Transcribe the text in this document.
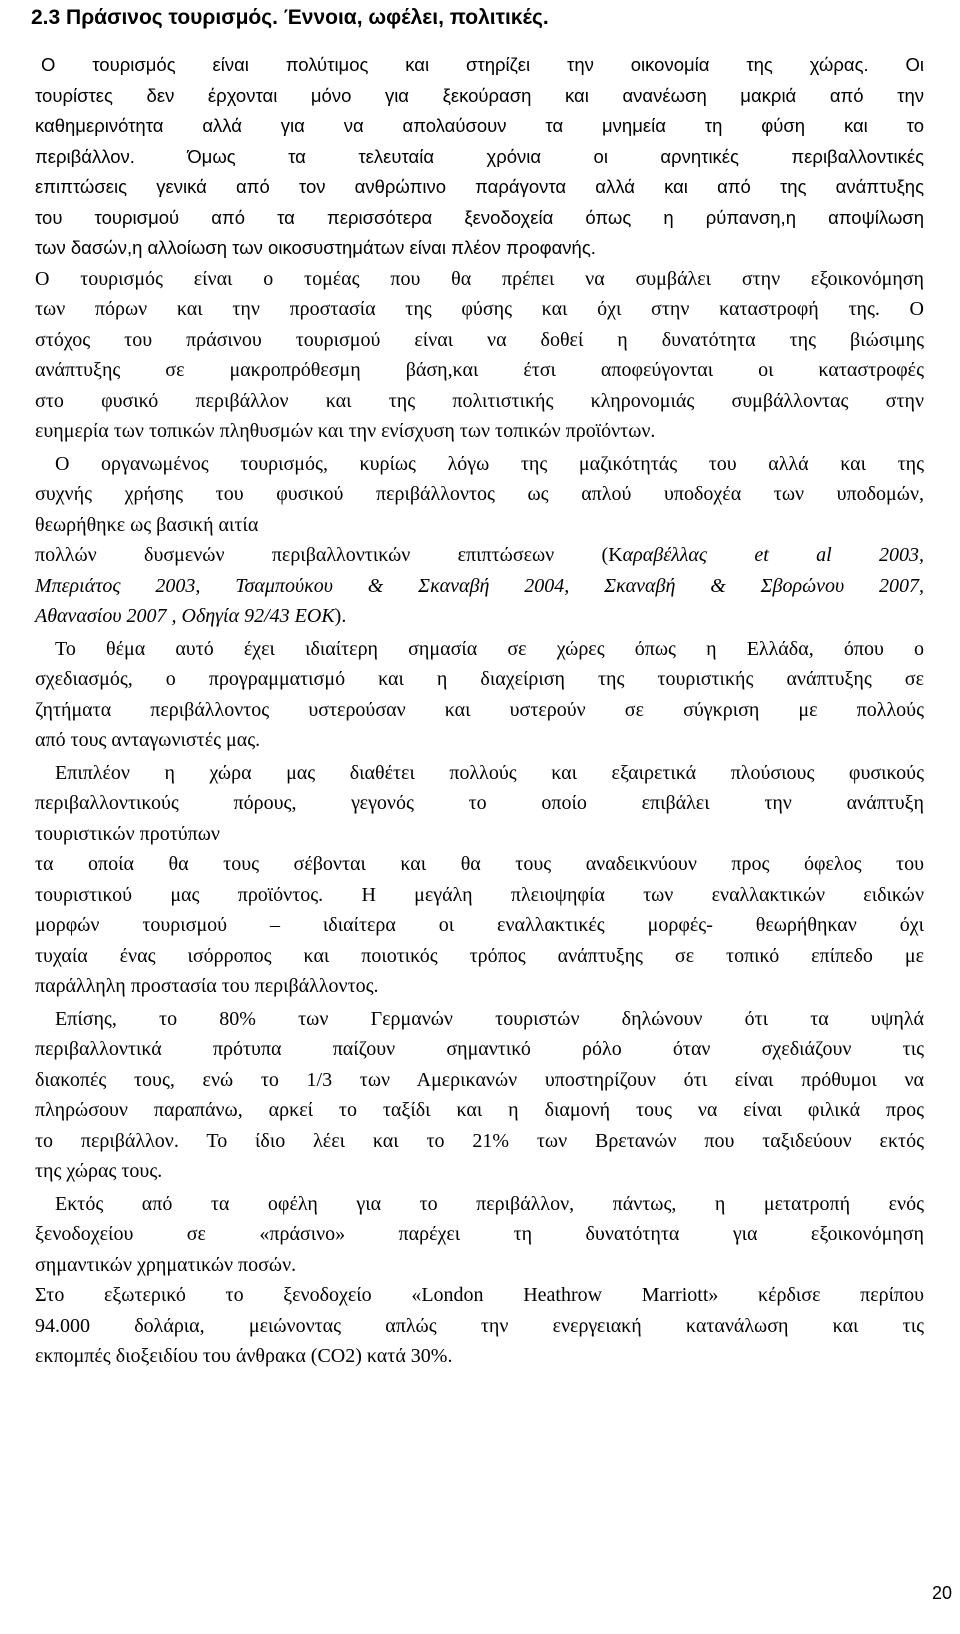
2.3 Πράσινος τουρισμός. Έννοια, ωφέλει, πολιτικές.
Ο τουρισμός είναι πολύτιμος και στηρίζει την οικονομία της χώρας. Οι
τουρίστες δεν έρχονται μόνο για ξεκούραση και ανανέωση μακριά από την
καθημερινότητα αλλά για να απολαύσουν τα μνημεία τη φύση και το
περιβάλλον. Όμως τα τελευταία χρόνια οι αρνητικές περιβαλλοντικές
επιπτώσεις γενικά από τον ανθρώπινο παράγοντα αλλά και από της ανάπτυξης
του τουρισμού από τα περισσότερα ξενοδοχεία όπως η ρύπανση,η αποψίλωση
των δασών,η αλλοίωση των οικοσυστημάτων είναι πλέον προφανής.
Ο τουρισμός είναι ο τομέας που θα πρέπει να συμβάλει στην εξοικονόμηση
των πόρων και την προστασία της φύσης και όχι στην καταστροφή της. Ο
στόχος του πράσινου τουρισμού είναι να δοθεί η δυνατότητα της βιώσιμης
ανάπτυξης σε μακροπρόθεσμη βάση,και έτσι αποφεύγονται οι καταστροφές
στο φυσικό περιβάλλον και της πολιτιστικής κληρονομιάς συμβάλλοντας στην
ευημερία των τοπικών πληθυσμών και την ενίσχυση των τοπικών προϊόντων.
Ο οργανωμένος τουρισμός, κυρίως λόγω της μαζικότητάς του αλλά και της
συχνής χρήσης του φυσικού περιβάλλοντος ως απλού υποδοχέα των υποδομών,
θεωρήθηκε ως βασική αιτία
πολλών δυσμενών περιβαλλοντικών επιπτώσεων (Καραβέλλας et al 2003,
Μπεριάτος 2003, Τσαμπούκου & Σκαναβή 2004, Σκαναβή & Σβορώνου 2007,
Αθανασίου 2007 , Οδηγία 92/43 ΕΟΚ).
Το θέμα αυτό έχει ιδιαίτερη σημασία σε χώρες όπως η Ελλάδα, όπου ο
σχεδιασμός, ο προγραμματισμό και η διαχείριση της τουριστικής ανάπτυξης σε
ζητήματα περιβάλλοντος υστερούσαν και υστερούν σε σύγκριση με πολλούς
από τους ανταγωνιστές μας.
Επιπλέον η χώρα μας διαθέτει πολλούς και εξαιρετικά πλούσιους φυσικούς
περιβαλλοντικούς πόρους, γεγονός το οποίο επιβάλει την ανάπτυξη
τουριστικών προτύπων
τα οποία θα τους σέβονται και θα τους αναδεικνύουν προς όφελος του
τουριστικού μας προϊόντος. Η μεγάλη πλειοψηφία των εναλλακτικών ειδικών
μορφών τουρισμού – ιδιαίτερα οι εναλλακτικές μορφές- θεωρήθηκαν όχι
τυχαία ένας ισόρροπος και ποιοτικός τρόπος ανάπτυξης σε τοπικό επίπεδο με
παράλληλη προστασία του περιβάλλοντος.
Επίσης, το 80% των Γερμανών τουριστών δηλώνουν ότι τα υψηλά
περιβαλλοντικά πρότυπα παίζουν σημαντικό ρόλο όταν σχεδιάζουν τις
διακοπές τους, ενώ το 1/3 των Αμερικανών υποστηρίζουν ότι είναι πρόθυμοι να
πληρώσουν παραπάνω, αρκεί το ταξίδι και η διαμονή τους να είναι φιλικά προς
το περιβάλλον. Το ίδιο λέει και το 21% των Βρετανών που ταξιδεύουν εκτός
της χώρας τους.
Εκτός από τα οφέλη για το περιβάλλον, πάντως, η μετατροπή ενός
ξενοδοχείου σε «πράσινο» παρέχει τη δυνατότητα για εξοικονόμηση
σημαντικών χρηματικών ποσών.
Στο εξωτερικό το ξενοδοχείο «London Heathrow Marriott» κέρδισε περίπου
94.000 δολάρια, μειώνοντας απλώς την ενεργειακή κατανάλωση και τις
εκπομπές διοξειδίου του άνθρακα (CO2) κατά 30%.
20
